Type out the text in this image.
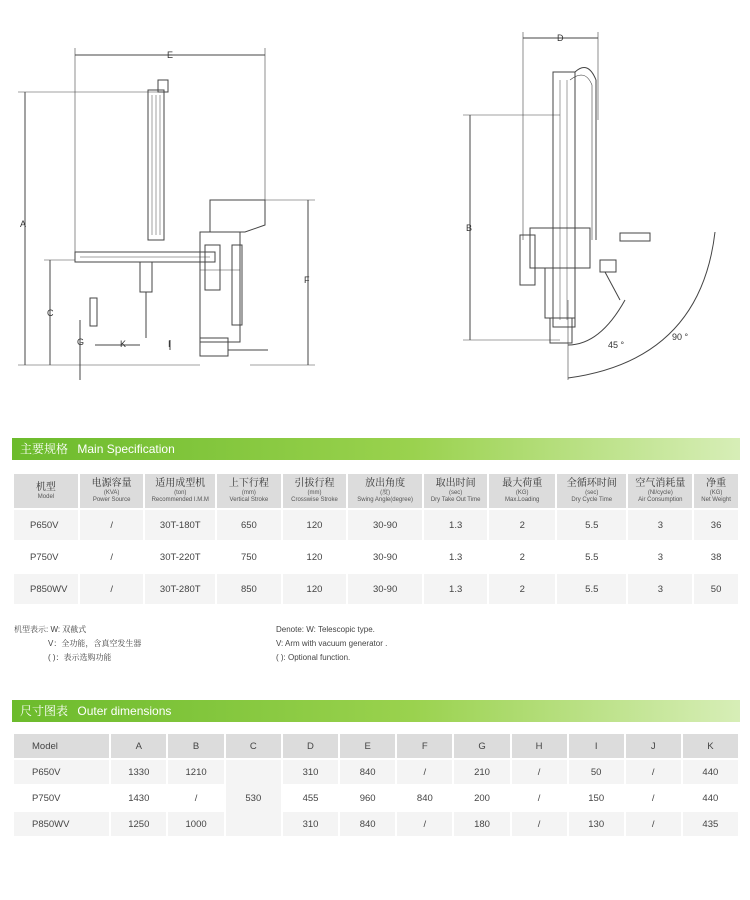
E
A
F
C
G	K	I
D
B
45 °
90 °
主要规格 Main Specification
机型
Model	电源容量
(KVA)
Power Source	适用成型机
(ton)
Recommended I.M.M	上下行程
(mm)
Vertical Stroke	引拔行程
(mm)
Crosswise Stroke	放出角度
(度)
Swing Angle(degree)	取出时间
(sec)
Dry Take Out Time	最大荷重
(KG)
Max.Loading	全循环时间
(sec)
Dry Cycle Time	空气消耗量
(Nl/cycle)
Air Consumption	净重
(KG)
Net Weight

P650V	/	30T-180T	650	120	30-90	1.3	2	5.5	3	36
P750V	/	30T-220T	750	120	30-90	1.3	2	5.5	3	38
P850WV	/	30T-280T	850	120	30-90	1.3	2	5.5	3	50
机型表示: W: 双截式
V：全功能，含真空发生器
( )：表示选购功能
Denote: W: Telescopic type.
V: Arm with vacuum generator .
( ): Optional function.
尺寸图表 Outer dimensions
Model	A	B	C	D	E	F	G	H	I	J	K
P650V	1330	1210	530	310	840	/	210	/	50	/	440
P750V	1430	/		455	960	840	200	/	150	/	440
P850WV	1250	1000		310	840	/	180	/	130	/	435
